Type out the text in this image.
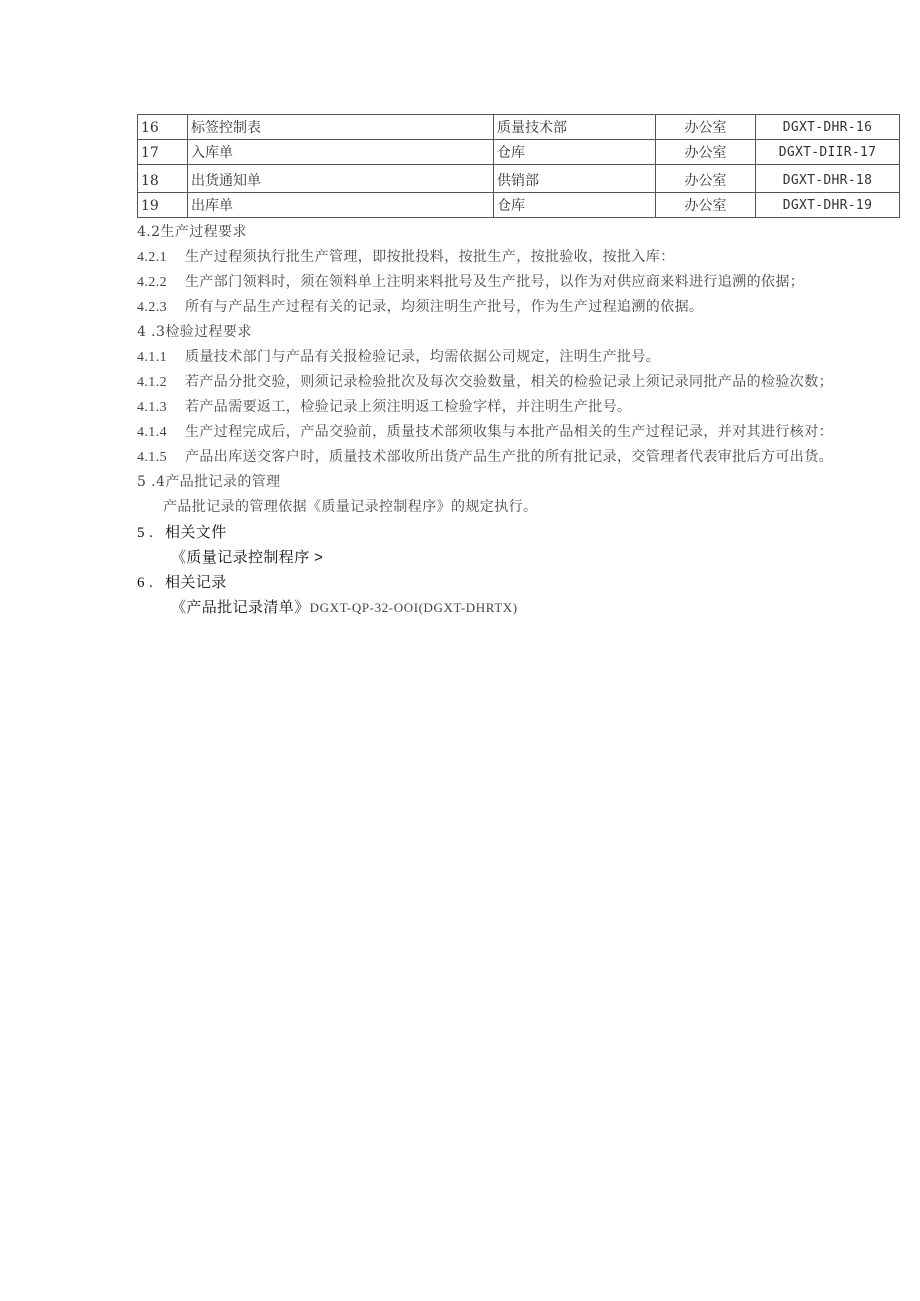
16	标签控制表	质量技术部	办公室	DGXT-DHR-16
17	入库单	仓库	办公室	DGXT-DIIR-17
18	出货通知单	供销部	办公室	DGXT-DHR-18
19	出库单	仓库	办公室	DGXT-DHR-19
4.2生产过程要求
4.2.1 生产过程须执行批生产管理，即按批投料，按批生产，按批验收，按批入库：
4.2.2 生产部门领料时，须在领料单上注明来料批号及生产批号，以作为对供应商来料进行追溯的依据；
4.2.3 所有与产品生产过程有关的记录，均须注明生产批号，作为生产过程追溯的依据。
4 .3检验过程要求
4.1.1 质量技术部门与产品有关报检验记录，均需依据公司规定，注明生产批号。
4.1.2 若产品分批交验，则须记录检验批次及每次交验数量，相关的检验记录上须记录同批产品的检验次数；
4.1.3 若产品需要返工，检验记录上须注明返工检验字样，并注明生产批号。
4.1.4 生产过程完成后，产品交验前，质量技术部须收集与本批产品相关的生产过程记录，并对其进行核对：
4.1.5 产品出库送交客户时，质量技术部收所出货产品生产批的所有批记录，交管理者代表审批后方可出货。
5 .4产品批记录的管理
产品批记录的管理依据《质量记录控制程序》的规定执行。
5 . 相关文件
《质量记录控制程序 >
6 . 相关记录
《产品批记录清单》DGXT-QP-32-OOI(DGXT-DHRTX)
